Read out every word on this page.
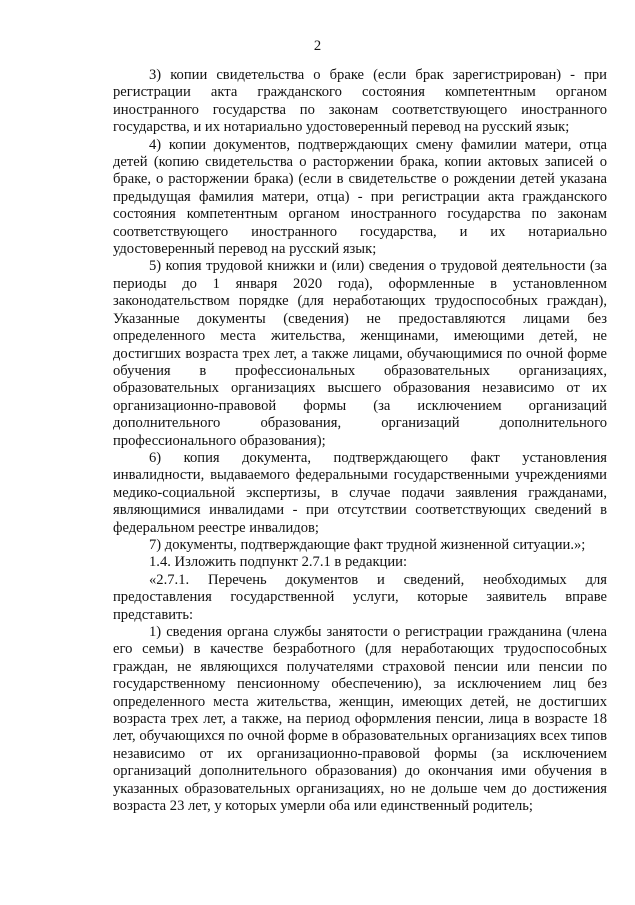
2

3) копии свидетельства о браке (если брак зарегистрирован) - при регистрации акта гражданского состояния компетентным органом иностранного государства по законам соответствующего иностранного государства, и их нотариально удостоверенный перевод на русский язык;

4) копии документов, подтверждающих смену фамилии матери, отца детей (копию свидетельства о расторжении брака, копии актовых записей о браке, о расторжении брака) (если в свидетельстве о рождении детей указана предыдущая фамилия матери, отца) - при регистрации акта гражданского состояния компетентным органом иностранного государства по законам соответствующего иностранного государства, и их нотариально удостоверенный перевод на русский язык;

5) копия трудовой книжки и (или) сведения о трудовой деятельности (за периоды до 1 января 2020 года), оформленные в установленном законодательством порядке (для неработающих трудоспособных граждан), Указанные документы (сведения) не предоставляются лицами без определенного места жительства, женщинами, имеющими детей, не достигших возраста трех лет, а также лицами, обучающимися по очной форме обучения в профессиональных образовательных организациях, образовательных организациях высшего образования независимо от их организационно-правовой формы (за исключением организаций дополнительного образования, организаций дополнительного профессионального образования);

6) копия документа, подтверждающего факт установления инвалидности, выдаваемого федеральными государственными учреждениями медико-социальной экспертизы, в случае подачи заявления гражданами, являющимися инвалидами - при отсутствии соответствующих сведений в федеральном реестре инвалидов;

7) документы, подтверждающие факт трудной жизненной ситуации.»;

1.4. Изложить подпункт 2.7.1 в редакции:

«2.7.1. Перечень документов и сведений, необходимых для предоставления государственной услуги, которые заявитель вправе представить:

1) сведения органа службы занятости о регистрации гражданина (члена его семьи) в качестве безработного (для неработающих трудоспособных граждан, не являющихся получателями страховой пенсии или пенсии по государственному пенсионному обеспечению), за исключением лиц без определенного места жительства, женщин, имеющих детей, не достигших возраста трех лет, а также, на период оформления пенсии, лица в возрасте 18 лет, обучающихся по очной форме в образовательных организациях всех типов независимо от их организационно-правовой формы (за исключением организаций дополнительного образования) до окончания ими обучения в указанных образовательных организациях, но не дольше чем до достижения возраста 23 лет, у которых умерли оба или единственный родитель;
